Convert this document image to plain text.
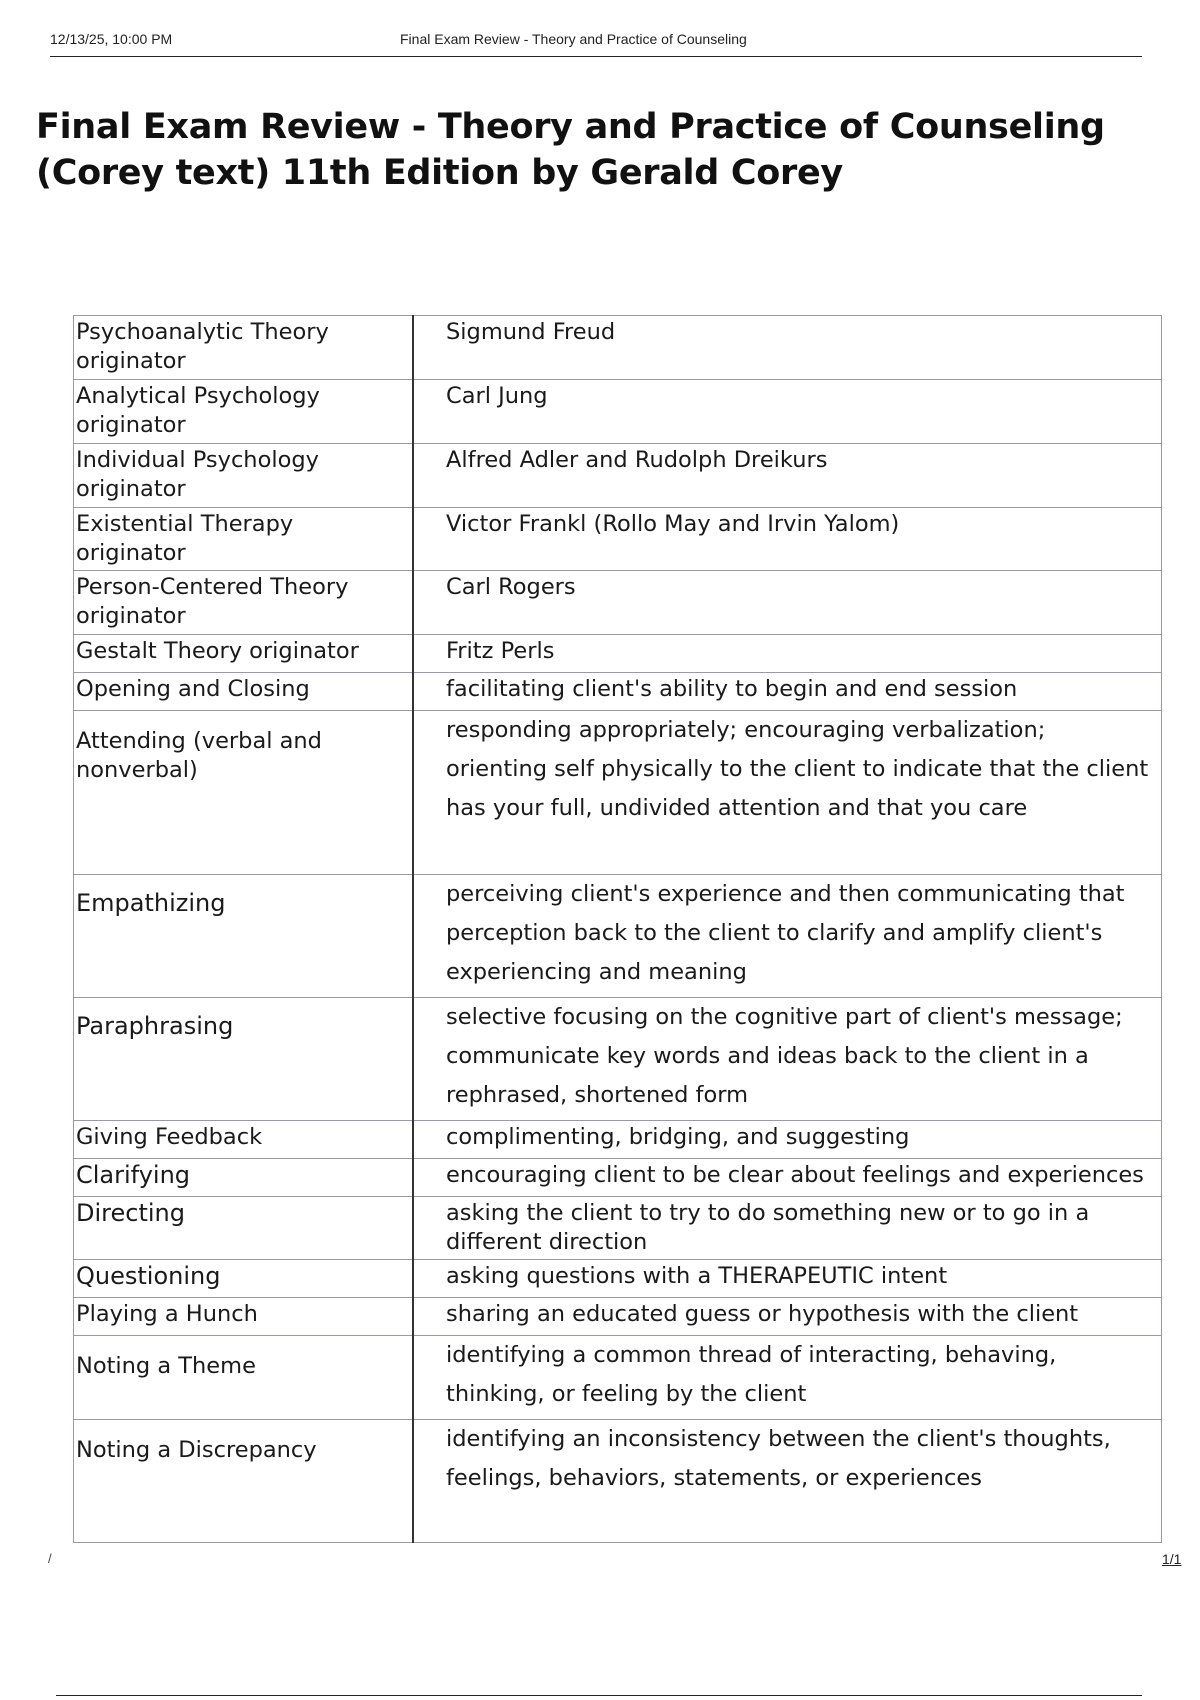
12/13/25, 10:00 PM	Final Exam Review - Theory and Practice of Counseling
Final Exam Review - Theory and Practice of Counseling (Corey text) 11th Edition by Gerald Corey
Psychoanalytic Theory originator	Sigmund Freud
Analytical Psychology originator	Carl Jung
Individual Psychology originator	Alfred Adler and Rudolph Dreikurs
Existential Therapy originator	Victor Frankl (Rollo May and Irvin Yalom)
Person-Centered Theory originator	Carl Rogers
Gestalt Theory originator	Fritz Perls
Opening and Closing	facilitating client's ability to begin and end session
Attending (verbal and nonverbal)	responding appropriately; encouraging verbalization; orienting self physically to the client to indicate that the client has your full, undivided attention and that you care
Empathizing	perceiving client's experience and then communicating that perception back to the client to clarify and amplify client's experiencing and meaning
Paraphrasing	selective focusing on the cognitive part of client's message; communicate key words and ideas back to the client in a rephrased, shortened form
Giving Feedback	complimenting, bridging, and suggesting
Clarifying	encouraging client to be clear about feelings and experiences
Directing	asking the client to try to do something new or to go in a different direction
Questioning	asking questions with a THERAPEUTIC intent
Playing a Hunch	sharing an educated guess or hypothesis with the client
Noting a Theme	identifying a common thread of interacting, behaving, thinking, or feeling by the client
Noting a Discrepancy	identifying an inconsistency between the client's thoughts, feelings, behaviors, statements, or experiences
/	1/1
